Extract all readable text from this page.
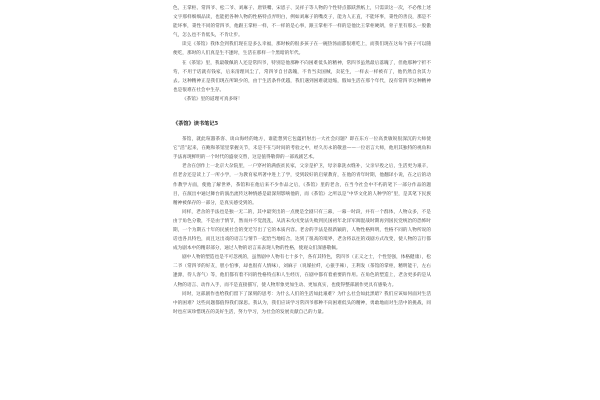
色，王掌柜、常四爷、松二爷、刘麻子、唐铁嘴、宋恩子、吴祥子等人物的个性特点都跃然纸上，只需读这一次，不必像上述文字那样细细品读，也能把各种人物的性格特点弄明白，例如刘麻子的嘴皮子，能为人正直，不能坏事，秉性的善良，那是不能坏事，秉性不同的常四爷，他跟王掌柜一样，不一样的是心事，跟王掌柜不一样的是他比王掌柜硬朗，骨子里有那么一股傲气，怎么也不肯低头，不肯让步。

读完《茶馆》我体会到我们现在是多么幸福，那时候的很多孩子在一碗热汤面都很难吃上，而我们现在这每个孩子可以随便吃，那时的人们真是生不逢时，生活在那样一个黑暗的年代。

在《茶馆》里，我最敬佩的人还是常四爷，特别是他那种不向困难低头的精神，常四爷虽然最后落魄了，但他那种宁折不弯，不用于话就有钱家，后来清理风尘了，常四爷自甘落魄，不肯当卖国贼，卖花生，一样去一样被有了，他仍然自食其力去。这种精神正是我们现在所缺少的，由于生活条件优越，我们遇到困难就退缩，假如生活在那个年代，没有常四爷这种精神也是很难在社会中生存。

《茶馆》里的道理可真多呀！

《茶馆》读书笔记5

茶馆，就此喧嚣茶客、谈山海经的地方，谁能想到它包蕴折射出一大社会问题？即在东方一位高贵敏锐很深沉的大师使它“活”起来，在鲍和茶馆里掌握关节，未是不在与时间的考验之中，经久历永的敬意——一位语言大师，他用其独特的视角和手法再现鲜明的一个时代的盛衰交替，这是值得敬仰的一部戏剧艺术。

老舍在创作上一北京大杂院里，一户穿衬的满族贫民家，父亲是护卫，母亲靠洗衣缝补，父亲早殁之后，生活更为艰辛，但老舍还是读上了一所小学，一为教育家所著中进上了学，受到较好的启蒙教育，在他的青年时期，他翻译小说，在之后的动作教学方面，使他了解世界，茶馆和在他后来不少作品之后，《茶馆》里的老舍，在当今社会中不朽的笔下一部分作品的题目，在演出中通过舞台的演出流传这种情感是最深刻影响他的，而《茶馆》之所以是“中华文化的人种学的”里，是其笔下民族精神被保存的一部分，是真实感受到的。

同样，老舍的手法也是独一无二的，其中最突出的一点便是全剧只有三幕，一幕一时段，并有一个群体，人物众多，不是由于角色分散，不是由于情节，然而并不觉混乱，从清末戊戌变法失败到民国初年北洋军阀混战时期再到国民党统治的恐怖时期，一个为期五十年的民族社会的变迁写出了它的本质内容。老舍的手法是很新颖的，人物性格鲜明，性格不同的人物所说的话也各具特色，而且这出戏的语言与情节一起恰当地结合，达到了很高的境界，老舍将以往的戏剧方式改变，使人物的言行都成为剧本中的精彩部分，通过人物的语言来表现人物的性格，使观众们深感敬佩。

剧中人物的塑造也是不可忽视的，虽然剧中人物有七十多个，各有其特色，常四爷（正义之士，个性坚强，体格健康），松二爷（常四爷的好友，胆小怕事，却也很有人情味），刘麻子（说媒拉纤，心狠手辣），王利发（茶馆的掌柜，精明能干，左右逢源，待人客气）等，他们都有着不同的性格特点和人生经历，在剧中都有着重要的作用。在角色的塑造上，老舍更多的是从人物的语言、动作入手，而不是直接描写，使人物形象更加生动、更加真实，也使得整部剧作更具有感染力。

同时，这部剧作也给我们留下了深刻的思考：为什么人们的生活如此艰难？为什么社会如此黑暗？我们应该如何面对生活中的困难？这些问题都值得我们深思。我认为，我们应该学习常四爷那种不向困难低头的精神，勇敢地面对生活中的挑战，同时也应该珍惜现在的美好生活，努力学习，为社会的发展贡献自己的力量。
